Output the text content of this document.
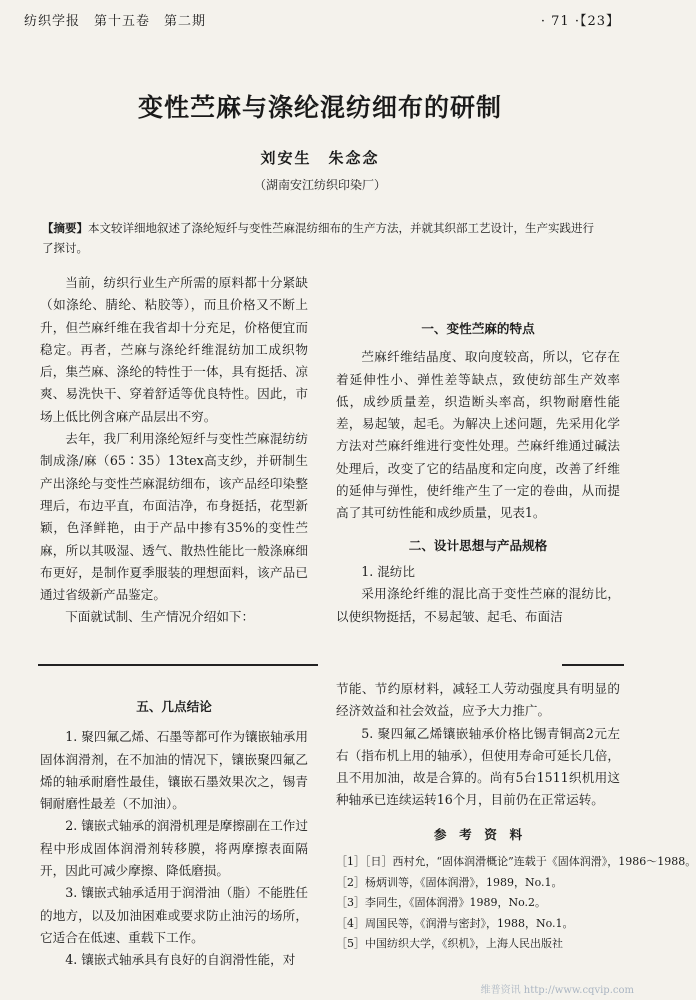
纺织学报　第十五卷　第二期	· 71 ·【23】
变性苎麻与涤纶混纺细布的研制
刘安生　朱念念
（湖南安江纺织印染厂）
【摘要】本文较详细地叙述了涤纶短纤与变性苎麻混纺细布的生产方法，并就其织部工艺设计，生产实践进行了探讨。

当前，纺织行业生产所需的原料都十分紧缺（如涤纶、腈纶、粘胶等），而且价格又不断上升，但苎麻纤维在我省却十分充足，价格便宜而稳定。再者，苎麻与涤纶纤维混纺加工成织物后，集苎麻、涤纶的特性于一体，具有挺括、凉爽、易洗快干、穿着舒适等优良特性。因此，市场上低比例含麻产品层出不穷。

去年，我厂利用涤纶短纤与变性苎麻混纺纺制成涤/麻（65∶35）13tex高支纱，并研制生产出涤纶与变性苎麻混纺细布，该产品经印染整理后，布边平直，布面洁净，布身挺括，花型新颖，色泽鲜艳，由于产品中掺有35%的变性苎麻，所以其吸湿、透气、散热性能比一般涤麻细布更好，是制作夏季服装的理想面料，该产品已通过省级新产品鉴定。

下面就试制、生产情况介绍如下：

一、变性苎麻的特点

苎麻纤维结晶度、取向度较高，所以，它存在着延伸性小、弹性差等缺点，致使纺部生产效率低，成纱质量差，织造断头率高，织物耐磨性能差，易起皱，起毛。为解决上述问题，先采用化学方法对苎麻纤维进行变性处理。苎麻纤维通过碱法处理后，改变了它的结晶度和定向度，改善了纤维的延伸与弹性，使纤维产生了一定的卷曲，从而提高了其可纺性能和成纱质量，见表1。

二、设计思想与产品规格

1. 混纺比

采用涤纶纤维的混比高于变性苎麻的混纺比，以使织物挺括，不易起皱、起毛、布面洁

五、几点结论

1. 聚四氟乙烯、石墨等都可作为镶嵌轴承用固体润滑剂，在不加油的情况下，镶嵌聚四氟乙烯的轴承耐磨性最佳，镶嵌石墨效果次之，锡青铜耐磨性最差（不加油）。

2. 镶嵌式轴承的润滑机理是摩擦副在工作过程中形成固体润滑剂转移膜，将两摩擦表面隔开，因此可减少摩擦、降低磨损。

3. 镶嵌式轴承适用于润滑油（脂）不能胜任的地方，以及加油困难或要求防止油污的场所，它适合在低速、重载下工作。

4. 镶嵌式轴承具有良好的自润滑性能，对

节能、节约原材料，减轻工人劳动强度具有明显的经济效益和社会效益，应予大力推广。

5. 聚四氟乙烯镶嵌轴承价格比锡青铜高2元左右（指布机上用的轴承），但使用寿命可延长几倍，且不用加油，故是合算的。尚有5台1511织机用这种轴承已连续运转16个月，目前仍在正常运转。

参　考　资　料
［1］［日］西村允，“固体润滑概论”连载于《固体润滑》，1986～1988。
［2］杨炳训等，《固体润滑》，1989，No.1。
［3］李同生，《固体润滑》1989，No.2。
［4］周国民等，《润滑与密封》，1988，No.1。
［5］中国纺织大学，《织机》，上海人民出版社
维普资讯 http://www.cqvip.com
